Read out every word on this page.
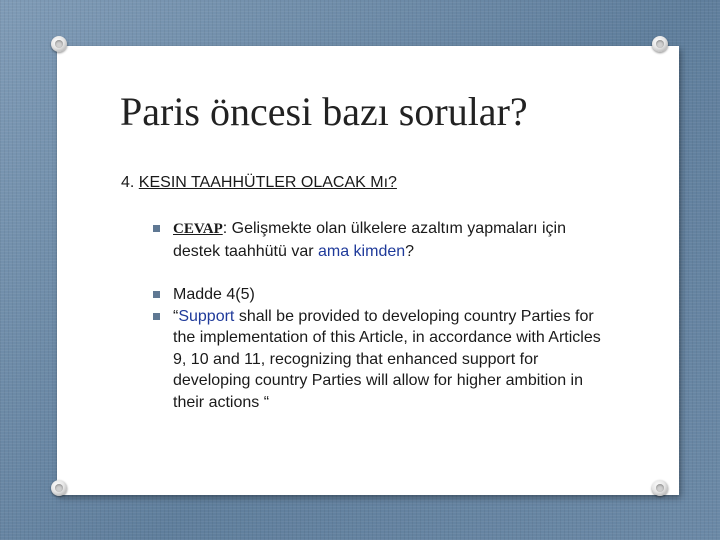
Paris öncesi bazı sorular?
4. KESIN TAAHHÜTLER OLACAK Mı?
CEVAP: Gelişmekte olan ülkelere azaltım yapmaları için destek taahhütü var ama kimden?
Madde 4(5)
“Support shall be provided to developing country Parties for the implementation of this Article, in accordance with Articles 9, 10 and 11, recognizing that enhanced support for developing country Parties will allow for higher ambition in their actions “
